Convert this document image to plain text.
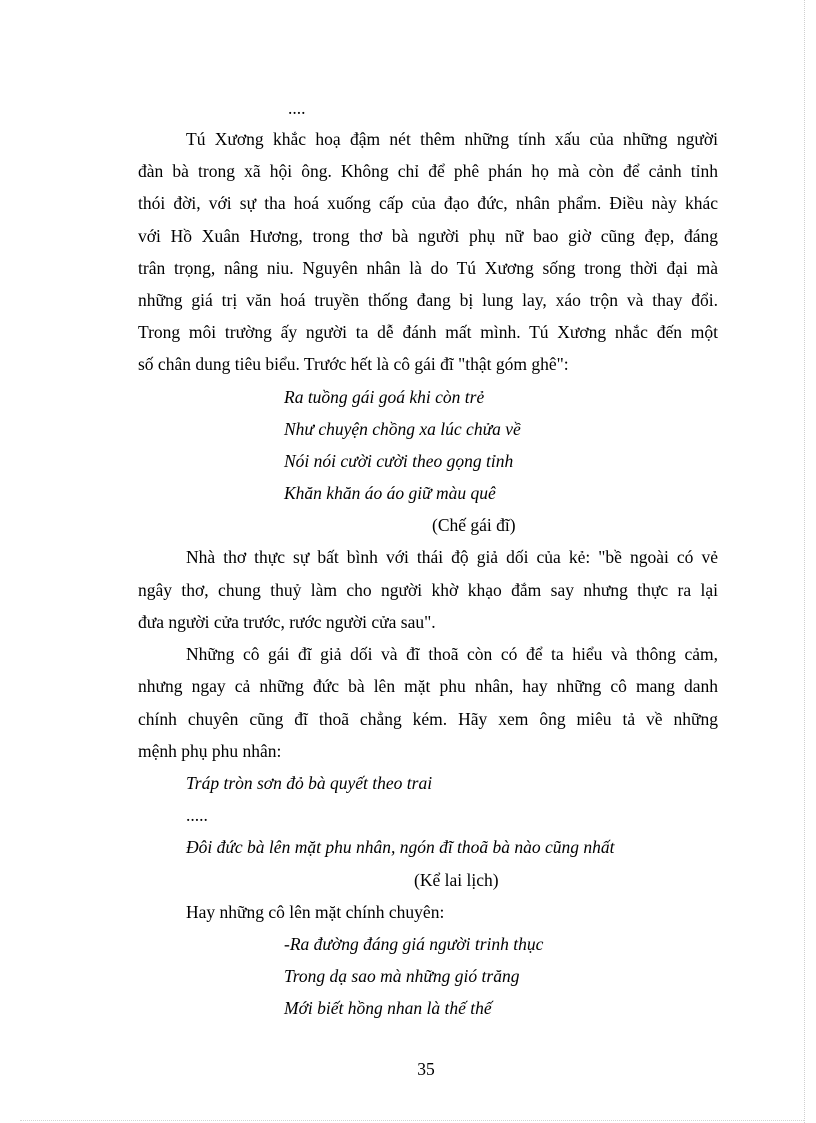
....
Tú Xương khắc hoạ đậm nét thêm những tính xấu của những người
đàn bà trong xã hội ông. Không chỉ để phê phán họ mà còn để cảnh tỉnh
thói đời, với sự tha hoá xuống cấp của đạo đức, nhân phẩm. Điều này khác
với Hồ Xuân Hương, trong thơ bà người phụ nữ bao giờ cũng đẹp, đáng
trân trọng, nâng niu. Nguyên nhân là do Tú Xương sống trong thời đại mà
những giá trị văn hoá truyền thống đang bị lung lay, xáo trộn và thay đổi.
Trong môi trường ấy người ta dễ đánh mất mình. Tú Xương nhắc đến một
số chân dung tiêu biểu. Trước hết là cô gái đĩ "thật góm ghê":
Ra tuồng gái goá khi còn trẻ
Như chuyện chồng xa lúc chửa về
Nói nói cười cười theo gọng tỉnh
Khăn khăn áo áo giữ màu quê
(Chế gái đĩ)
Nhà thơ thực sự bất bình với thái độ giả dối của kẻ: "bề ngoài có vẻ
ngây thơ, chung thuỷ làm cho người khờ khạo đắm say nhưng thực ra lại
đưa người cửa trước, rước người cửa sau".
Những cô gái đĩ giả dối và đĩ thoã còn có để ta hiểu và thông cảm,
nhưng ngay cả những đức bà lên mặt phu nhân, hay những cô mang danh
chính chuyên cũng đĩ thoã chẳng kém. Hãy xem ông miêu tả về những
mệnh phụ phu nhân:
Tráp tròn sơn đỏ bà quyết theo trai
.....
Đôi đức bà lên mặt phu nhân, ngón đĩ thoã bà nào cũng nhất
(Kể lai lịch)
Hay những cô lên mặt chính chuyên:
-Ra đường đáng giá người trinh thục
Trong dạ sao mà những gió trăng
Mới biết hồng nhan là thế thế
35
